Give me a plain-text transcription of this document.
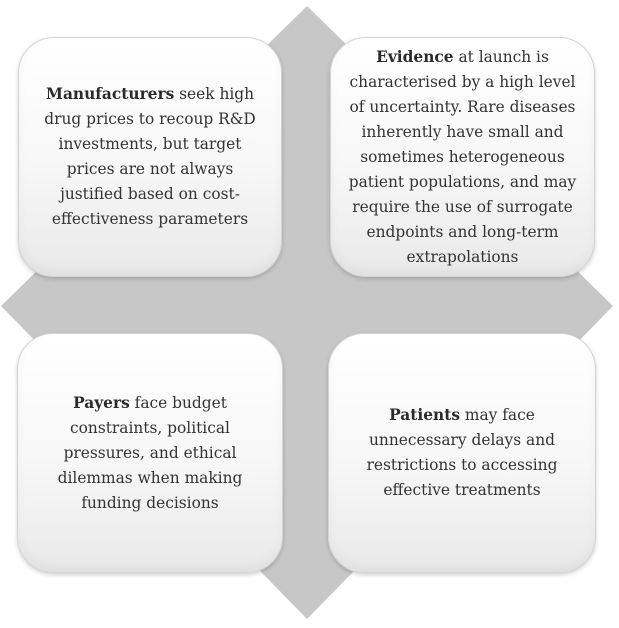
Manufacturers seek high drug prices to recoup R&D investments, but target prices are not always justified based on cost-effectiveness parameters

Evidence at launch is characterised by a high level of uncertainty. Rare diseases inherently have small and sometimes heterogeneous patient populations, and may require the use of surrogate endpoints and long-term extrapolations

Payers face budget constraints, political pressures, and ethical dilemmas when making funding decisions

Patients may face unnecessary delays and restrictions to accessing effective treatments
